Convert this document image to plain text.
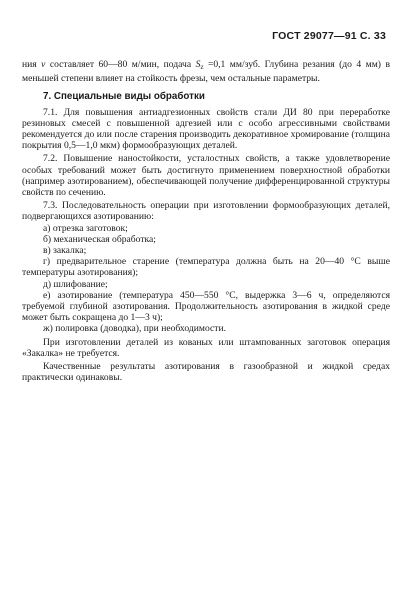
ГОСТ 29077—91 С. 33

ния v составляет 60—80 м/мин, подача $S_z =0,1$ мм/зуб. Глубина резания (до 4 мм) в меньшей степени влияет на стойкость фрезы, чем остальные параметры.

7. Специальные виды обработки

7.1. Для повышения антиадгезионных свойств стали ДИ 80 при переработке резиновых смесей с повышенной адгезией или с особо агрессивными свойствами рекомендуется до или после старения производить декоративное хромирование (толщина покрытия 0,5—1,0 мкм) формообразующих деталей.

7.2. Повышение наностойкости, усталостных свойств, а также удовлетворение особых требований может быть достигнуто применением поверхностной обработки (например азотированием), обеспечивающей получение дифференцированной структуры свойств по сечению.

7.3. Последовательность операции при изготовлении формообразующих деталей, подвергающихся азотированию:

а) отрезка заготовок;

б) механическая обработка;

в) закалка;

г) предварительное старение (температура должна быть на 20—40 °С выше температуры азотирования);

д) шлифование;

е) азотирование (температура 450—550 °С, выдержка 3—6 ч, определяются требуемой глубиной азотирования. Продолжительность азотирования в жидкой среде может быть сокращена до 1—3 ч);

ж) полировка (доводка), при необходимости.

При изготовлении деталей из кованых или штампованных заготовок операция «Закалка» не требуется.

Качественные результаты азотирования в газообразной и жидкой средах практически одинаковы.
